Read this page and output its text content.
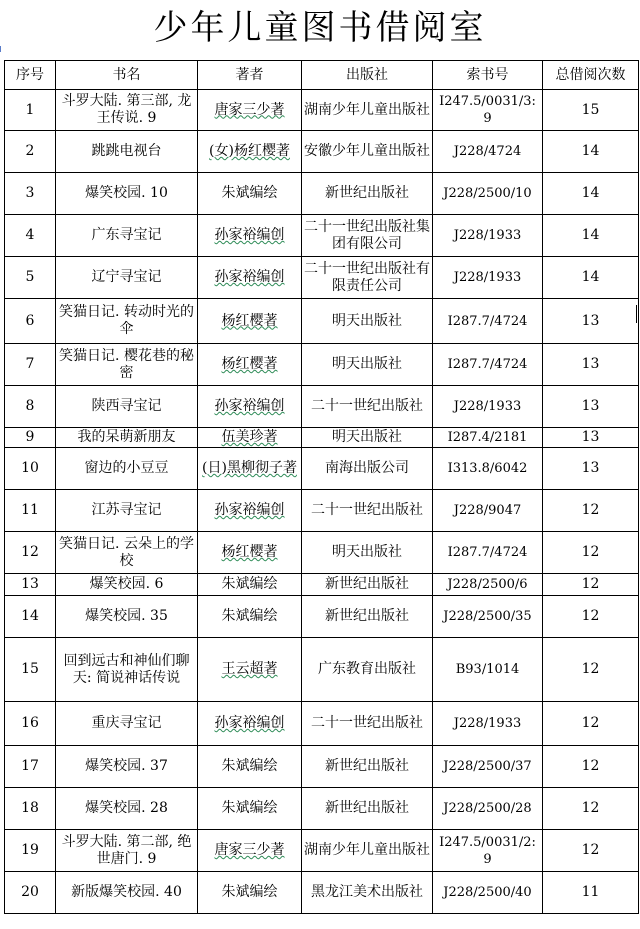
少年儿童图书借阅室
序号	书名	著者	出版社	索书号	总借阅次数
1	斗罗大陆. 第三部, 龙王传说. 9	唐家三少著	湖南少年儿童出版社	I247.5/0031/3:9	15
2	跳跳电视台	(女)杨红樱著	安徽少年儿童出版社	J228/4724	14
3	爆笑校园. 10	朱斌编绘	新世纪出版社	J228/2500/10	14
4	广东寻宝记	孙家裕编创	二十一世纪出版社集团有限公司	J228/1933	14
5	辽宁寻宝记	孙家裕编创	二十一世纪出版社有限责任公司	J228/1933	14
6	笑猫日记. 转动时光的伞	杨红樱著	明天出版社	I287.7/4724	13
7	笑猫日记. 樱花巷的秘密	杨红樱著	明天出版社	I287.7/4724	13
8	陕西寻宝记	孙家裕编创	二十一世纪出版社	J228/1933	13
9	我的呆萌新朋友	伍美珍著	明天出版社	I287.4/2181	13
10	窗边的小豆豆	(日)黑柳彻子著	南海出版公司	I313.8/6042	13
11	江苏寻宝记	孙家裕编创	二十一世纪出版社	J228/9047	12
12	笑猫日记. 云朵上的学校	杨红樱著	明天出版社	I287.7/4724	12
13	爆笑校园. 6	朱斌编绘	新世纪出版社	J228/2500/6	12
14	爆笑校园. 35	朱斌编绘	新世纪出版社	J228/2500/35	12
15	回到远古和神仙们聊天: 简说神话传说	王云超著	广东教育出版社	B93/1014	12
16	重庆寻宝记	孙家裕编创	二十一世纪出版社	J228/1933	12
17	爆笑校园. 37	朱斌编绘	新世纪出版社	J228/2500/37	12
18	爆笑校园. 28	朱斌编绘	新世纪出版社	J228/2500/28	12
19	斗罗大陆. 第二部, 绝世唐门. 9	唐家三少著	湖南少年儿童出版社	I247.5/0031/2:9	12
20	新版爆笑校园. 40	朱斌编绘	黑龙江美术出版社	J228/2500/40	11
